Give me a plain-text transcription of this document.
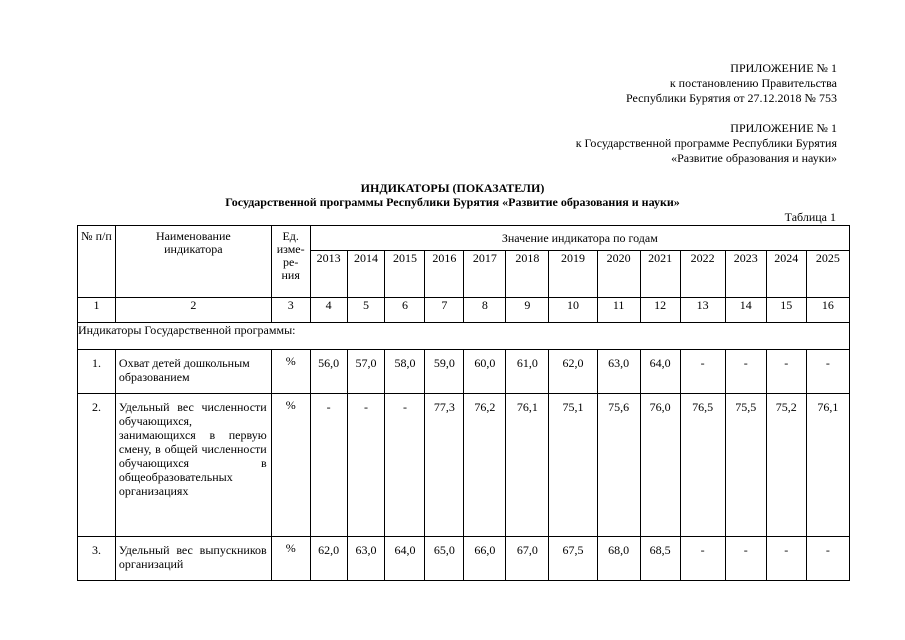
ПРИЛОЖЕНИЕ № 1
к постановлению Правительства
Республики Бурятия от 27.12.2018 № 753
ПРИЛОЖЕНИЕ № 1
к Государственной программе Республики Бурятия
«Развитие образования и науки»
ИНДИКАТОРЫ (ПОКАЗАТЕЛИ)
Государственной программы Республики Бурятия «Развитие образования и науки»
Таблица 1
№ п/п	Наименование индикатора	Ед. изме-ре-ния	Значение индикатора по годам												
			2013	2014	2015	2016	2017	2018	2019	2020	2021	2022	2023	2024	2025
1	2	3	4	5	6	7	8	9	10	11	12	13	14	15	16
Индикаторы Государственной программы:															
1.	Охват детей дошкольным образованием	%	56,0	57,0	58,0	59,0	60,0	61,0	62,0	63,0	64,0	-	-	-	-
2.	Удельный вес численности обучающихся, занимающихся в первую смену, в общей численности обучающихся в общеобразовательных организациях	%	-	-	-	77,3	76,2	76,1	75,1	75,6	76,0	76,5	75,5	75,2	76,1
3.	Удельный вес выпускников организаций	%	62,0	63,0	64,0	65,0	66,0	67,0	67,5	68,0	68,5	-	-	-	-
